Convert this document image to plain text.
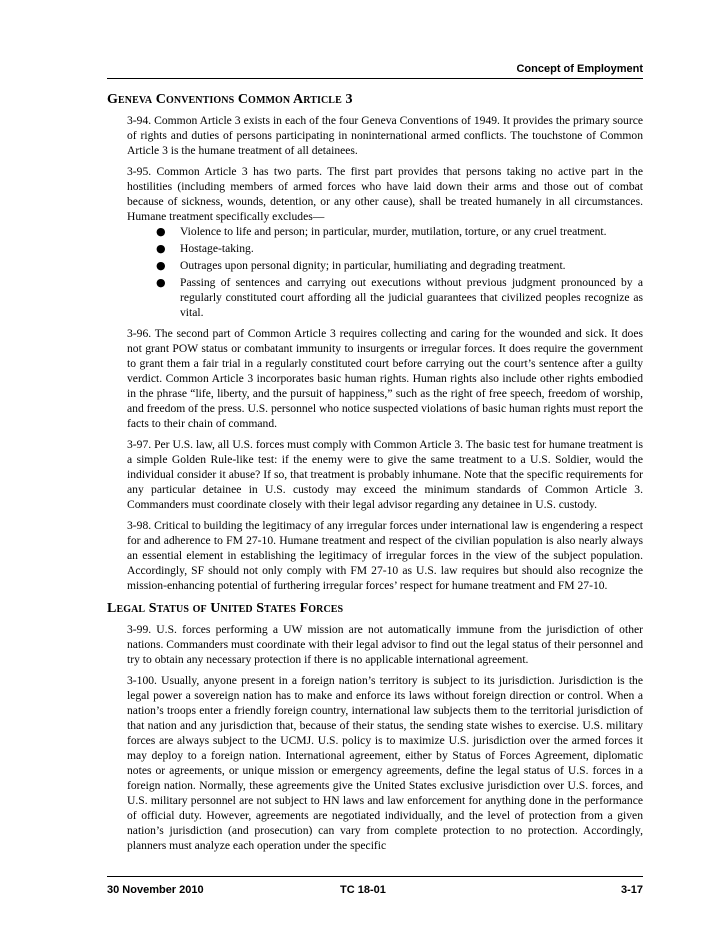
Concept of Employment
Geneva Conventions Common Article 3

3-94. Common Article 3 exists in each of the four Geneva Conventions of 1949. It provides the primary source of rights and duties of persons participating in noninternational armed conflicts. The touchstone of Common Article 3 is the humane treatment of all detainees.

3-95. Common Article 3 has two parts. The first part provides that persons taking no active part in the hostilities (including members of armed forces who have laid down their arms and those out of combat because of sickness, wounds, detention, or any other cause), shall be treated humanely in all circumstances. Humane treatment specifically excludes—

● Violence to life and person; in particular, murder, mutilation, torture, or any cruel treatment.
● Hostage-taking.
● Outrages upon personal dignity; in particular, humiliating and degrading treatment.
● Passing of sentences and carrying out executions without previous judgment pronounced by a regularly constituted court affording all the judicial guarantees that civilized peoples recognize as vital.

3-96. The second part of Common Article 3 requires collecting and caring for the wounded and sick. It does not grant POW status or combatant immunity to insurgents or irregular forces. It does require the government to grant them a fair trial in a regularly constituted court before carrying out the court’s sentence after a guilty verdict. Common Article 3 incorporates basic human rights. Human rights also include other rights embodied in the phrase “life, liberty, and the pursuit of happiness,” such as the right of free speech, freedom of worship, and freedom of the press. U.S. personnel who notice suspected violations of basic human rights must report the facts to their chain of command.

3-97. Per U.S. law, all U.S. forces must comply with Common Article 3. The basic test for humane treatment is a simple Golden Rule-like test: if the enemy were to give the same treatment to a U.S. Soldier, would the individual consider it abuse? If so, that treatment is probably inhumane. Note that the specific requirements for any particular detainee in U.S. custody may exceed the minimum standards of Common Article 3. Commanders must coordinate closely with their legal advisor regarding any detainee in U.S. custody.

3-98. Critical to building the legitimacy of any irregular forces under international law is engendering a respect for and adherence to FM 27-10. Humane treatment and respect of the civilian population is also nearly always an essential element in establishing the legitimacy of irregular forces in the view of the subject population. Accordingly, SF should not only comply with FM 27-10 as U.S. law requires but should also recognize the mission-enhancing potential of furthering irregular forces’ respect for humane treatment and FM 27-10.

Legal Status of United States Forces

3-99. U.S. forces performing a UW mission are not automatically immune from the jurisdiction of other nations. Commanders must coordinate with their legal advisor to find out the legal status of their personnel and try to obtain any necessary protection if there is no applicable international agreement.

3-100. Usually, anyone present in a foreign nation’s territory is subject to its jurisdiction. Jurisdiction is the legal power a sovereign nation has to make and enforce its laws without foreign direction or control. When a nation’s troops enter a friendly foreign country, international law subjects them to the territorial jurisdiction of that nation and any jurisdiction that, because of their status, the sending state wishes to exercise. U.S. military forces are always subject to the UCMJ. U.S. policy is to maximize U.S. jurisdiction over the armed forces it may deploy to a foreign nation. International agreement, either by Status of Forces Agreement, diplomatic notes or agreements, or unique mission or emergency agreements, define the legal status of U.S. forces in a foreign nation. Normally, these agreements give the United States exclusive jurisdiction over U.S. forces, and U.S. military personnel are not subject to HN laws and law enforcement for anything done in the performance of official duty. However, agreements are negotiated individually, and the level of protection from a given nation’s jurisdiction (and prosecution) can vary from complete protection to no protection. Accordingly, planners must analyze each operation under the specific

30 November 2010	TC 18-01	3-17
